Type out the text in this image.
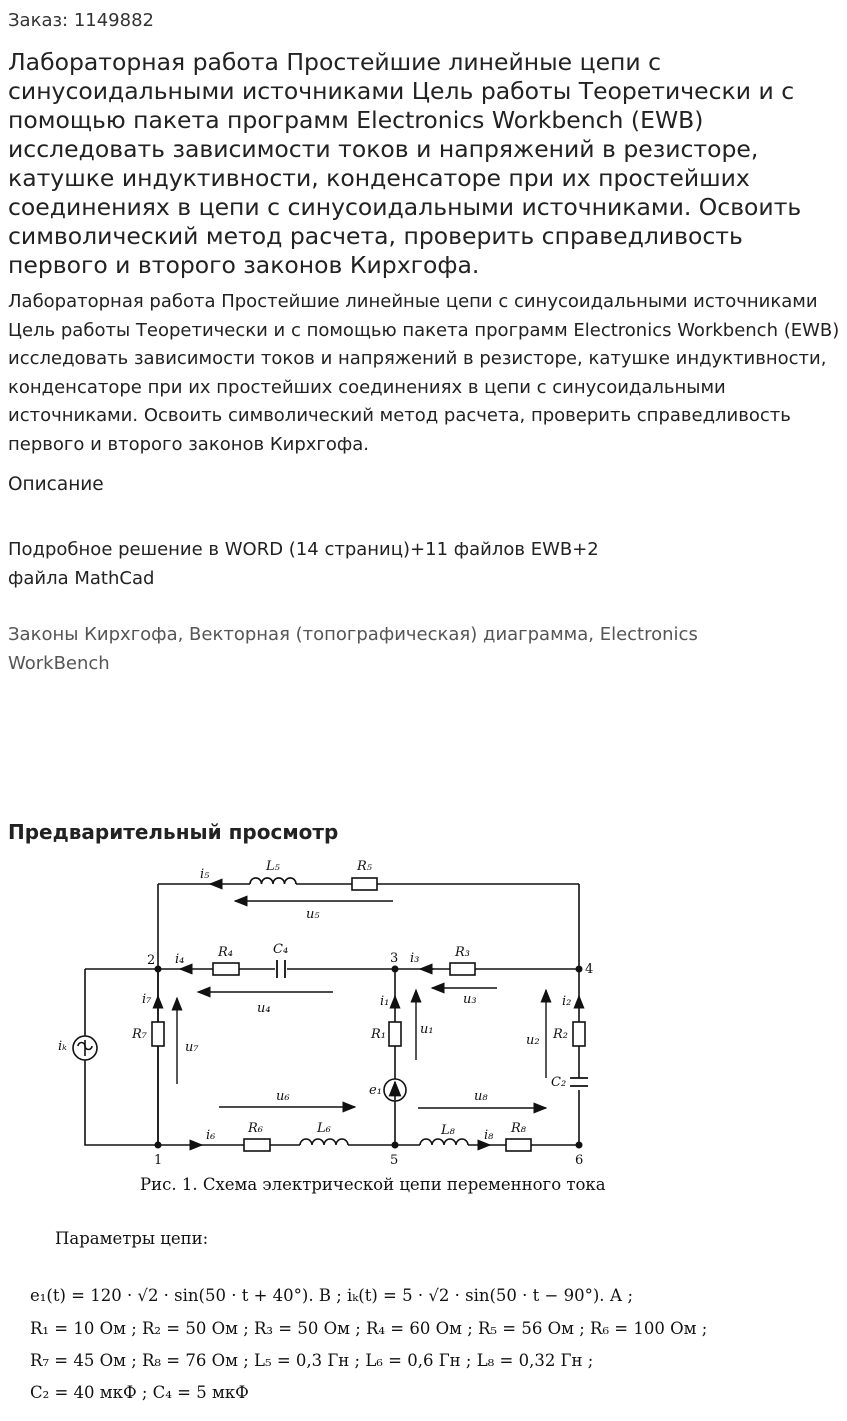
Заказ: 1149882
Лабораторная работа Простейшие линейные цепи с синусоидальными источниками Цель работы Теоретически и с помощью пакета программ Electronics Workbench (EWB) исследовать зависимости токов и напряжений в резисторе, катушке индуктивности, конденсаторе при их простейших соединениях в цепи с синусоидальными источниками. Освоить символический метод расчета, проверить справедливость первого и второго законов Кирхгофа.
Лабораторная работа Простейшие линейные цепи с синусоидальными источниками Цель работы Теоретически и с помощью пакета программ Electronics Workbench (EWB) исследовать зависимости токов и напряжений в резисторе, катушке индуктивности, конденсаторе при их простейших соединениях в цепи с синусоидальными источниками. Освоить символический метод расчета, проверить справедливость первого и второго законов Кирхгофа.
Описание
Подробное решение в WORD (14 страниц)+11 файлов EWB+2 файла MathCad
Законы Кирхгофа, Векторная (топографическая) диаграмма, Electronics WorkBench
Предварительный просмотр
i₅
L₅	R₅
u₅
2 i₄	R₄	C₄
3 i₃	R₃
4
u₄
u₃
i₇	i₁	i₂
iₖ
R₇
u₇
R₁	u₁
u₂ R₂
C₂
e₁
u₆	u₈
1
i₆	R₆	L₆
5
L₈ i₈ R₈
6
Рис. 1. Схема электрической цепи переменного тока
Параметры цепи:
e₁(t) = 120 · √2 · sin(50 · t + 40°). В ; iₖ(t) = 5 · √2 · sin(50 · t − 90°). А ;
R₁ = 10 Ом ; R₂ = 50 Ом ; R₃ = 50 Ом ; R₄ = 60 Ом ; R₅ = 56 Ом ; R₆ = 100 Ом ;
R₇ = 45 Ом ; R₈ = 76 Ом ; L₅ = 0,3 Гн ; L₆ = 0,6 Гн ; L₈ = 0,32 Гн ;
C₂ = 40 мкФ ; C₄ = 5 мкФ
